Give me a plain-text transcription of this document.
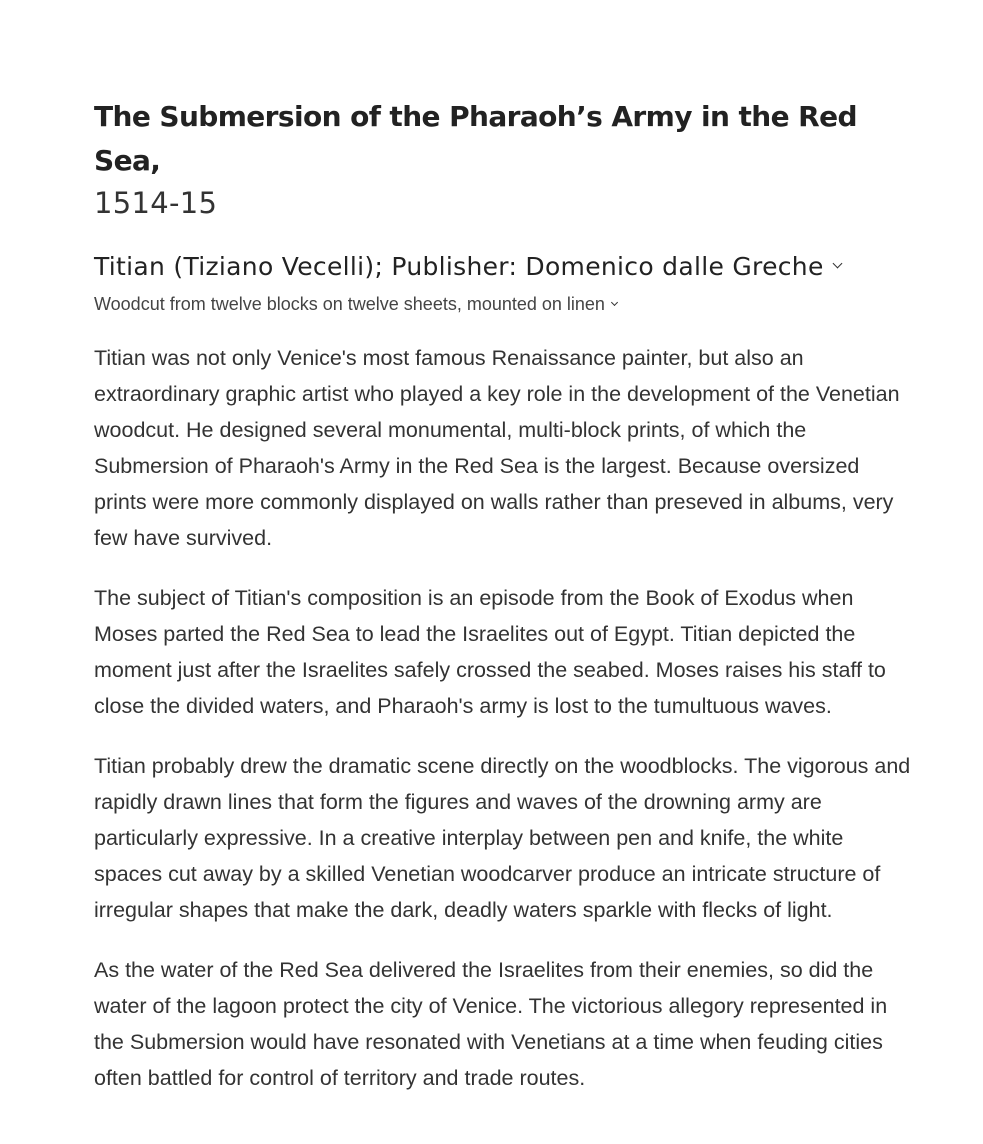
The Submersion of the Pharaoh’s Army in the Red Sea,
1514-15
Titian (Tiziano Vecelli); Publisher: Domenico dalle Greche
Woodcut from twelve blocks on twelve sheets, mounted on linen

Titian was not only Venice's most famous Renaissance painter, but also an extraordinary graphic artist who played a key role in the development of the Venetian woodcut. He designed several monumental, multi-block prints, of which the Submersion of Pharaoh's Army in the Red Sea is the largest. Because oversized prints were more commonly displayed on walls rather than preseved in albums, very few have survived.

The subject of Titian's composition is an episode from the Book of Exodus when Moses parted the Red Sea to lead the Israelites out of Egypt. Titian depicted the moment just after the Israelites safely crossed the seabed. Moses raises his staff to close the divided waters, and Pharaoh's army is lost to the tumultuous waves.

Titian probably drew the dramatic scene directly on the woodblocks. The vigorous and rapidly drawn lines that form the figures and waves of the drowning army are particularly expressive. In a creative interplay between pen and knife, the white spaces cut away by a skilled Venetian woodcarver produce an intricate structure of irregular shapes that make the dark, deadly waters sparkle with flecks of light.

As the water of the Red Sea delivered the Israelites from their enemies, so did the water of the lagoon protect the city of Venice. The victorious allegory represented in the Submersion would have resonated with Venetians at a time when feuding cities often battled for control of territory and trade routes.
